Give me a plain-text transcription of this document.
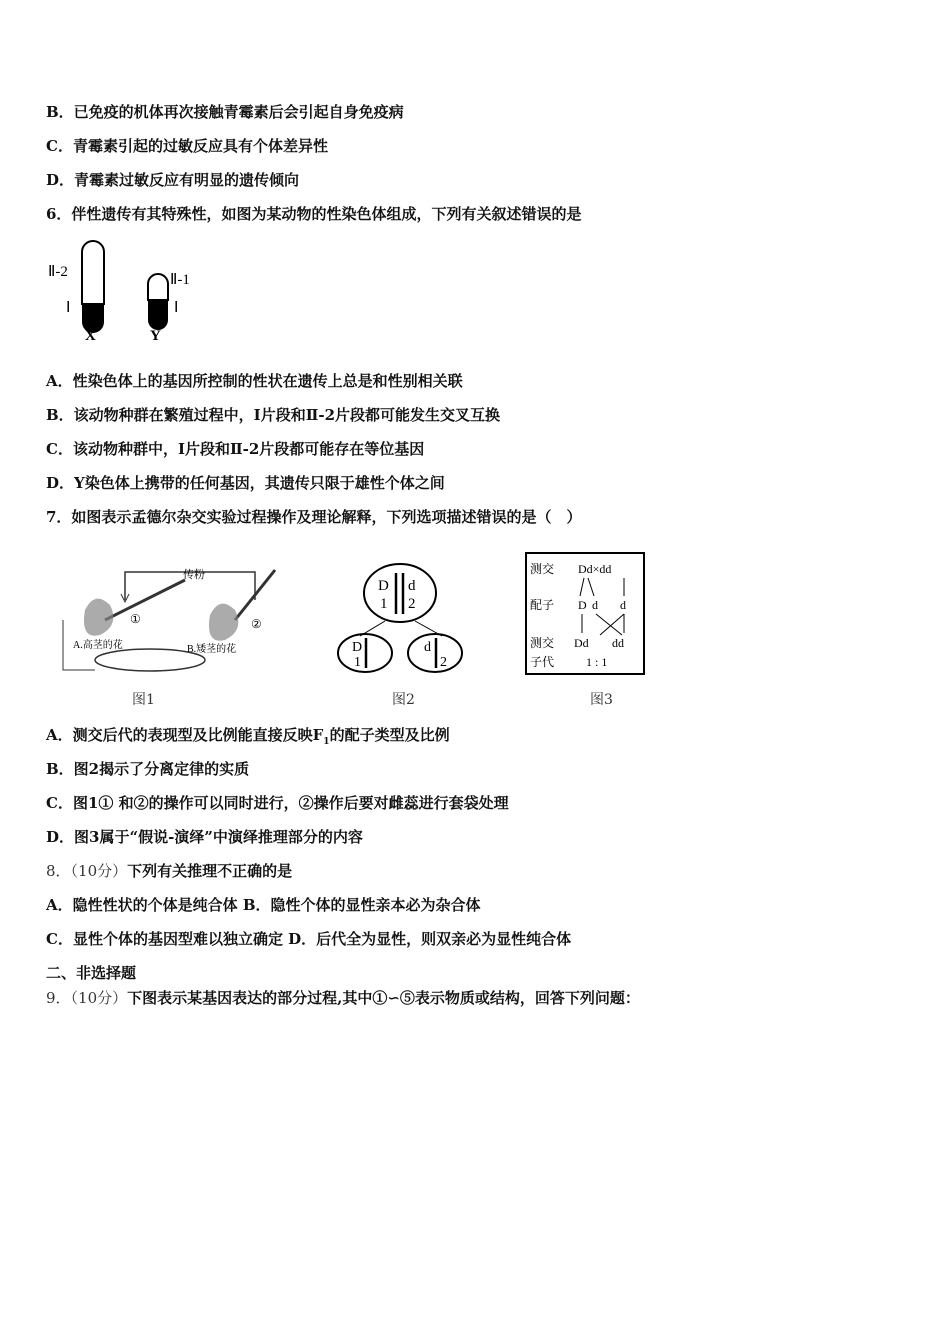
B．已免疫的机体再次接触青霉素后会引起自身免疫病
C．青霉素引起的过敏反应具有个体差异性
D．青霉素过敏反应有明显的遗传倾向
6．伴性遗传有其特殊性，如图为某动物的性染色体组成，下列有关叙述错误的是
Ⅱ-2
Ⅰ
X
Ⅱ-1
Ⅰ
Y
A．性染色体上的基因所控制的性状在遗传上总是和性别相关联
B．该动物种群在繁殖过程中，Ⅰ片段和Ⅱ-2片段都可能发生交叉互换
C．该动物种群中，Ⅰ片段和Ⅱ-2片段都可能存在等位基因
D．Y染色体上携带的任何基因，其遗传只限于雄性个体之间
7．如图表示孟德尔杂交实验过程操作及理论解释，下列选项描述错误的是（　）
传粉
①	②
A.高茎的花	B.矮茎的花
图1
D
1
d
2
D
1
d
2
图2
测交 Dd×dd
配子 D d d
测交 Dd dd
子代	1 : 1
图3
A．测交后代的表现型及比例能直接反映$F_1$的配子类型及比例
B．图2揭示了分离定律的实质
C．图1① 和②的操作可以同时进行，②操作后要对雌蕊进行套袋处理
D．图3属于“假说-演绎”中演绎推理部分的内容
8．（10分）下列有关推理不正确的是
A．隐性性状的个体是纯合体 B．隐性个体的显性亲本必为杂合体
C．显性个体的基因型难以独立确定 D．后代全为显性，则双亲必为显性纯合体
二、非选择题
9．（10分）下图表示某基因表达的部分过程,其中①∽⑤表示物质或结构，回答下列问题：
